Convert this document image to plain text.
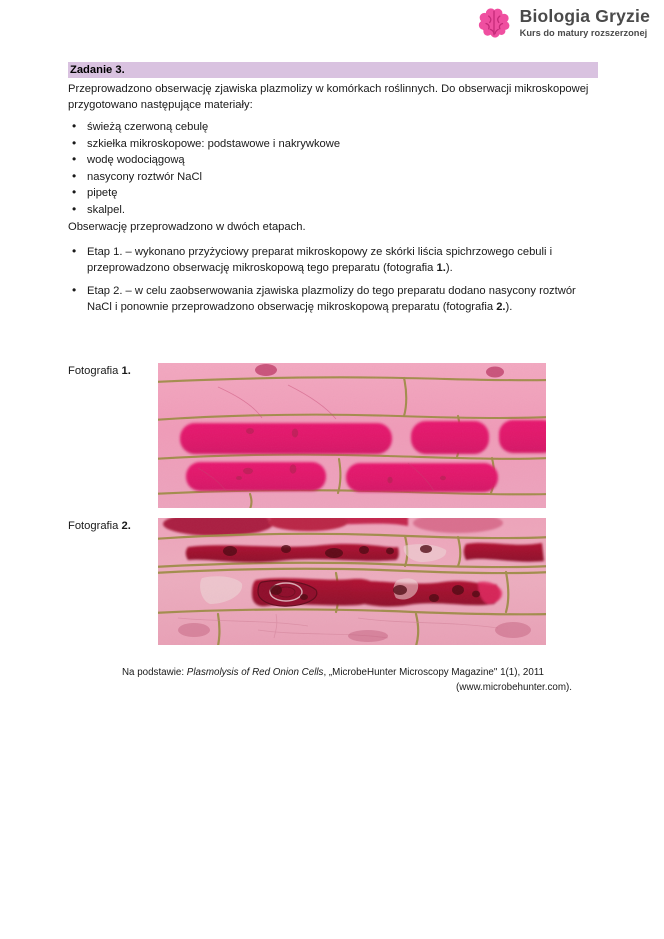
Biologia Gryzie
Kurs do matury rozszerzonej
Zadanie 3.

Przeprowadzono obserwację zjawiska plazmolizy w komórkach roślinnych. Do obserwacji mikroskopowej przygotowano następujące materiały:

• świeżą czerwoną cebulę
• szkiełka mikroskopowe: podstawowe i nakrywkowe
• wodę wodociągową
• nasycony roztwór NaCl
• pipetę
• skalpel.

Obserwację przeprowadzono w dwóch etapach.

• Etap 1. – wykonano przyżyciowy preparat mikroskopowy ze skórki liścia spichrzowego cebuli i przeprowadzono obserwację mikroskopową tego preparatu (fotografia 1.).
• Etap 2. – w celu zaobserwowania zjawiska plazmolizy do tego preparatu dodano nasycony roztwór NaCl i ponownie przeprowadzono obserwację mikroskopową preparatu (fotografia 2.).
Fotografia 1.
Fotografia 2.
Na podstawie: Plasmolysis of Red Onion Cells, „MicrobeHunter Microscopy Magazine" 1(1), 2011
(www.microbehunter.com).
